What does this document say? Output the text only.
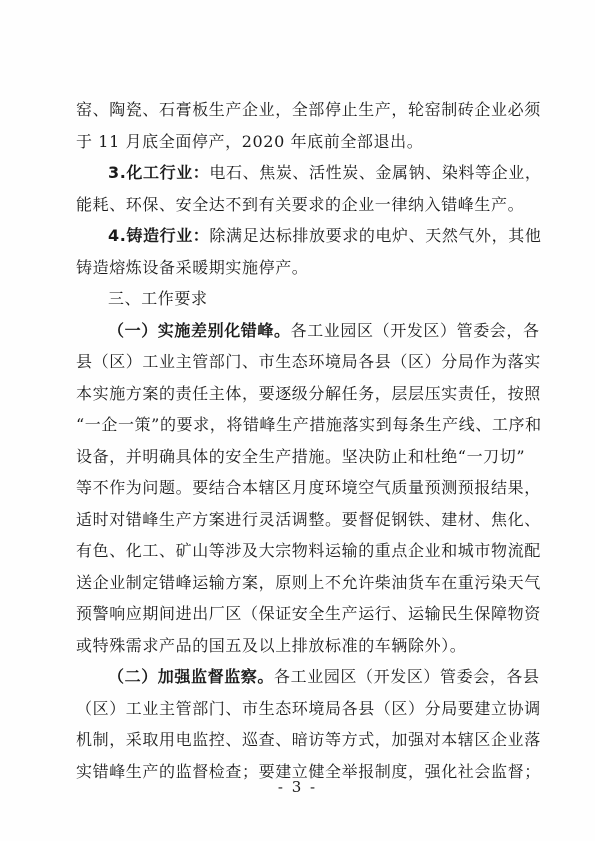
窑、陶瓷、石膏板生产企业，全部停止生产，轮窑制砖企业必须
于 11 月底全面停产，2020 年底前全部退出。
3.化工行业：电石、焦炭、活性炭、金属钠、染料等企业，
能耗、环保、安全达不到有关要求的企业一律纳入错峰生产。
4.铸造行业：除满足达标排放要求的电炉、天然气外，其他
铸造熔炼设备采暖期实施停产。
三、工作要求
（一）实施差别化错峰。各工业园区（开发区）管委会，各
县（区）工业主管部门、市生态环境局各县（区）分局作为落实
本实施方案的责任主体，要逐级分解任务，层层压实责任，按照
“一企一策”的要求，将错峰生产措施落实到每条生产线、工序和
设备，并明确具体的安全生产措施。坚决防止和杜绝“一刀切”
等不作为问题。要结合本辖区月度环境空气质量预测预报结果，
适时对错峰生产方案进行灵活调整。要督促钢铁、建材、焦化、
有色、化工、矿山等涉及大宗物料运输的重点企业和城市物流配
送企业制定错峰运输方案，原则上不允许柴油货车在重污染天气
预警响应期间进出厂区（保证安全生产运行、运输民生保障物资
或特殊需求产品的国五及以上排放标准的车辆除外）。
（二）加强监督监察。各工业园区（开发区）管委会，各县
（区）工业主管部门、市生态环境局各县（区）分局要建立协调
机制，采取用电监控、巡查、暗访等方式，加强对本辖区企业落
实错峰生产的监督检查；要建立健全举报制度，强化社会监督；
- 3 -
